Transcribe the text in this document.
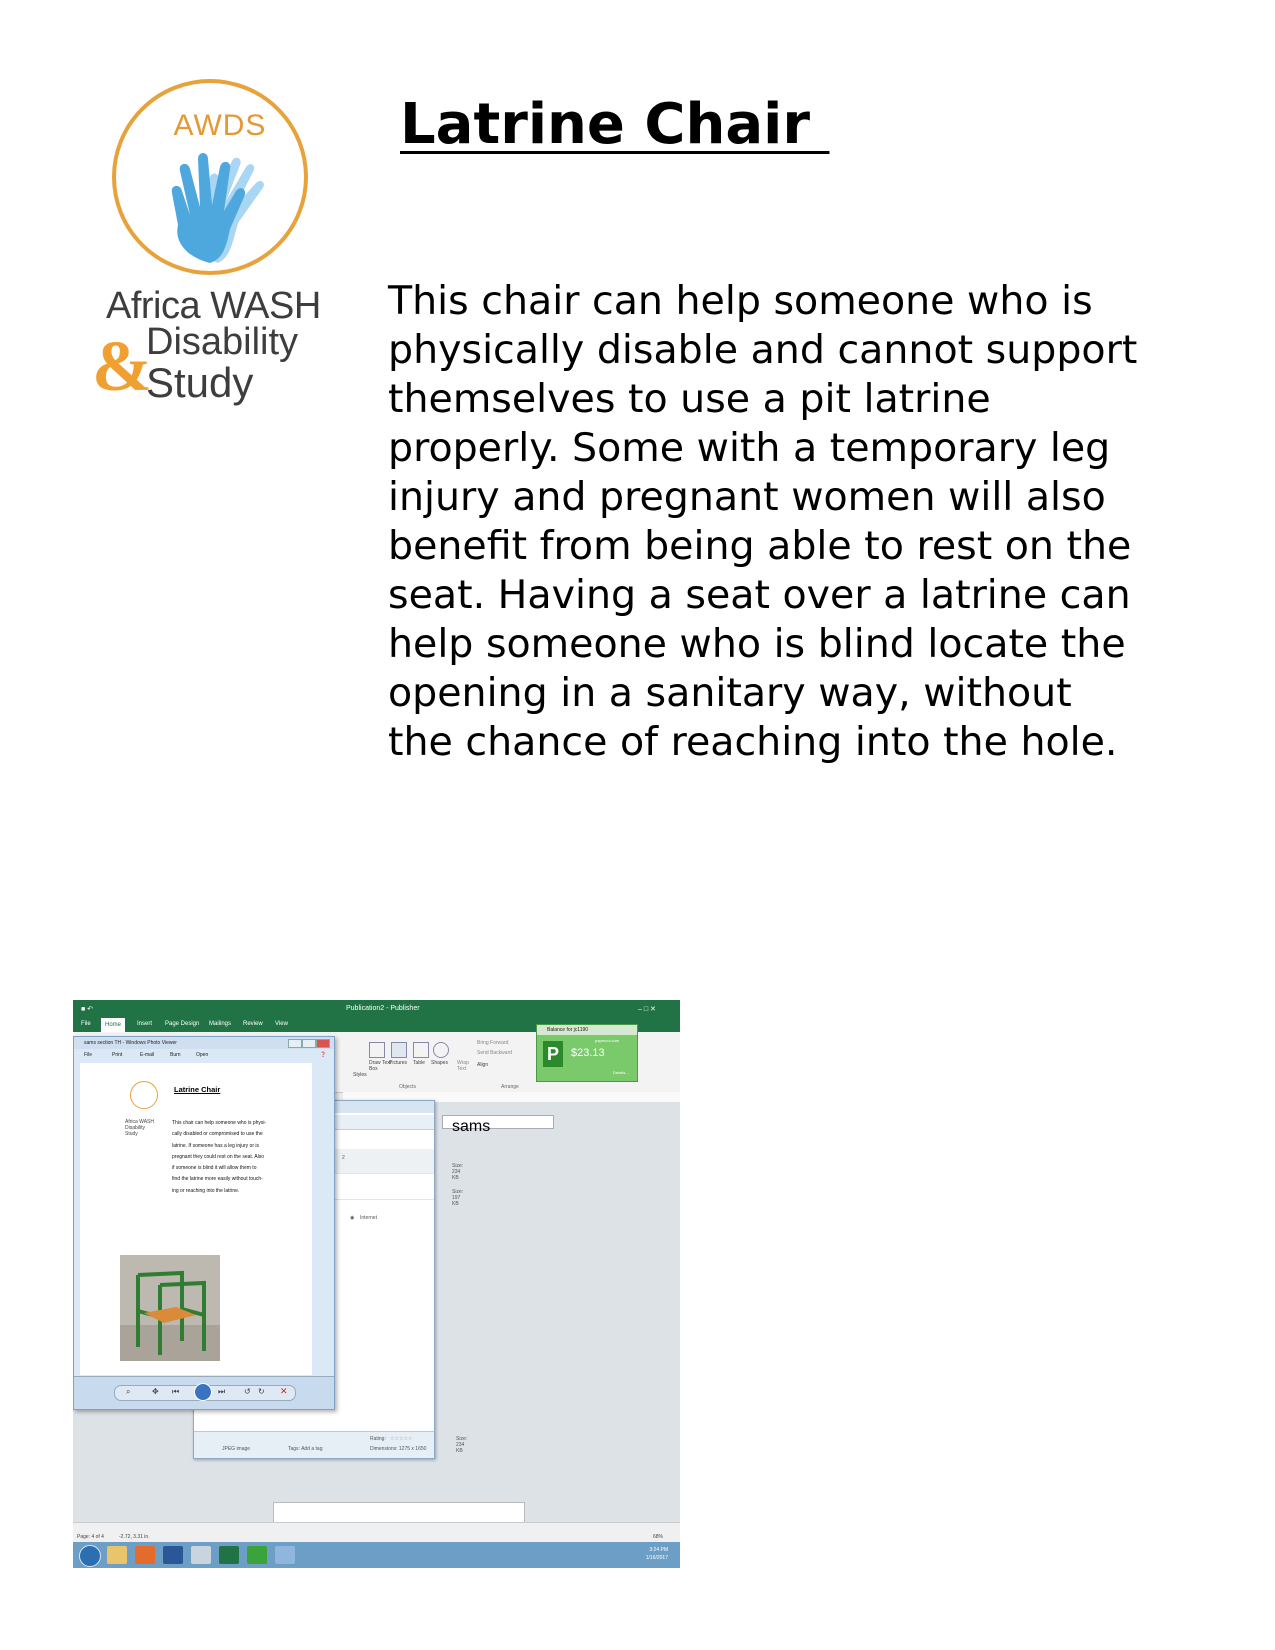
AWDS
&
Africa WASH
Disability
Study
Latrine Chair

This chair can help someone who is
physically disable and cannot support
themselves to use a pit latrine
properly. Some with a temporary leg
injury and pregnant women will also
benefit from being able to rest on the
seat. Having a seat over a latrine can
help someone who is blind locate the
opening in a sanitary way, without
the chance of reaching into the hole.

■ ↶	Publication2 - Publisher	– □ ✕
File	Home	Insert Page Design Mailings Review View
Styles
Draw Text Box
Pictures Table Shapes Wrap Text
Bring Forward
Send Backward
Align
Objects	Arrange
sams
2
Size: 234 KB
Size: 197 KB
◉ Internet
JPEG image	Tags: Add a tag
Rating: ☆☆☆☆☆
Dimensions: 1275 x 1650
Size: 234 KB
sams section TH - Windows Photo Viewer
File	Print	E-mail	Burn	Open	❓
Africa WASH
Disability
Study
Latrine Chair
This chair can help someone who is physi-
cally disabled or compromised to use the
latrine. If someone has a leg injury or is
pregnant they could rest on the seat. Also
if someone is blind it will allow them to
find the latrine more easily without touch-
ing or reaching into the latrine.
⌕	✥ ⏮	⏭ ↺ ↻ ✕
Balance for jc1190
P
papercut.com
$23.13
Details...
Page: 4 of 4	-2.72, 3.31 in.	68%
3:24 PM
1/16/2017
